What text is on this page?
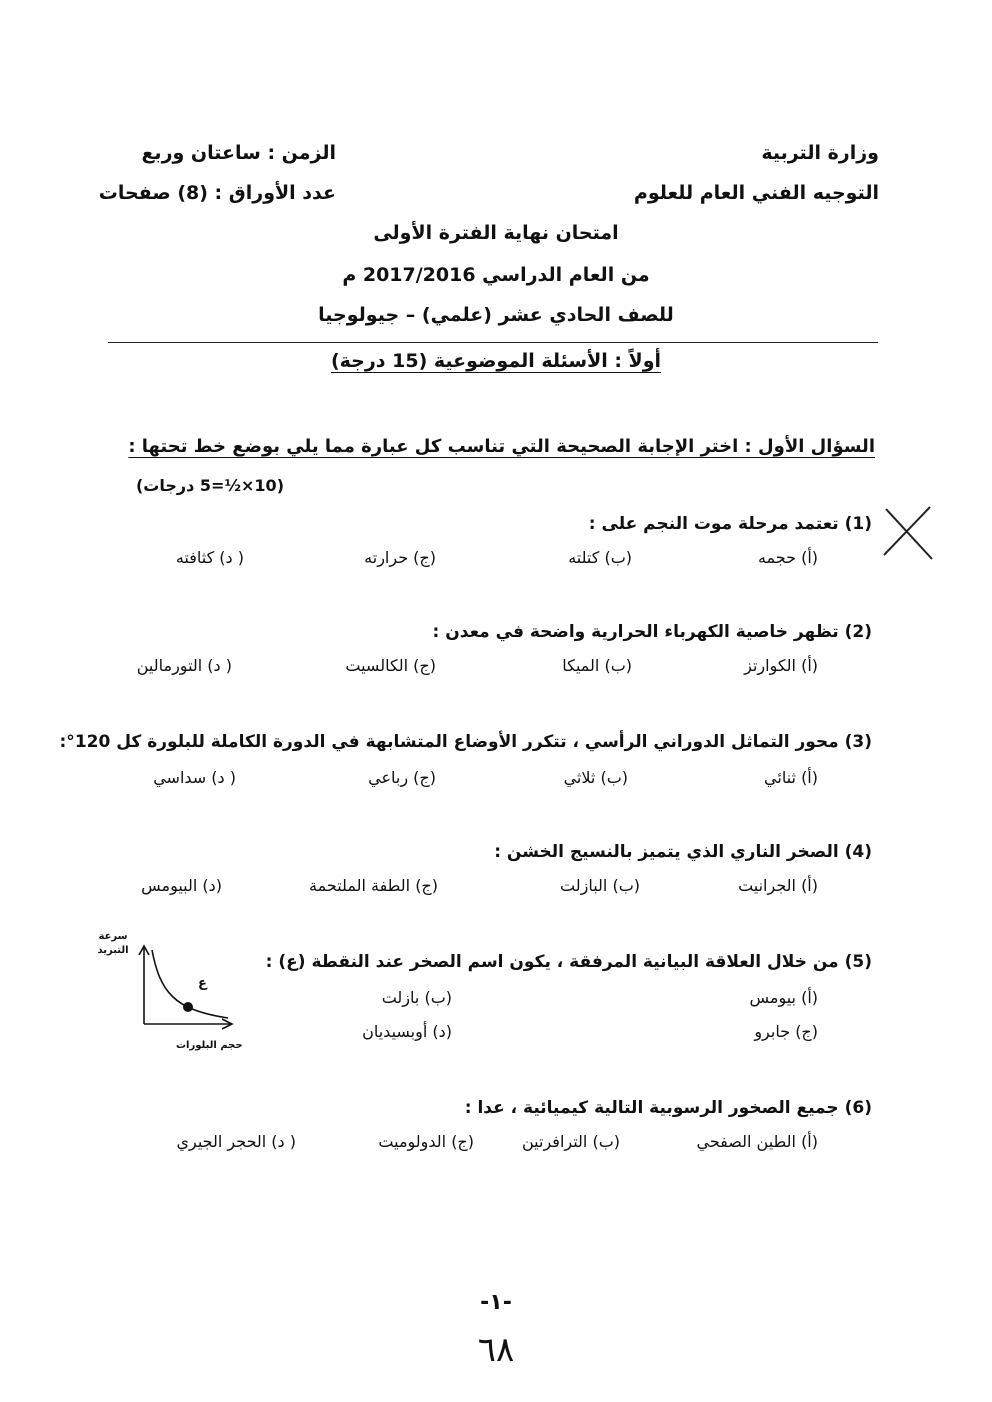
وزارة التربية
التوجيه الفني العام للعلوم
الزمن : ساعتان وربع
عدد الأوراق : (8) صفحات
امتحان نهاية الفترة الأولى
من العام الدراسي 2017/2016 م
للصف الحادي عشر (علمي) – جيولوجيا
أولاً : الأسئلة الموضوعية (15 درجة)
السؤال الأول : اختر الإجابة الصحيحة التي تناسب كل عبارة مما يلي بوضع خط تحتها :
(10×½=5 درجات)
(1) تعتمد مرحلة موت النجم على :
(أ) حجمه
(ب) كتلته
(ج) حرارته
( د) كثافته
(2) تظهر خاصية الكهرباء الحرارية واضحة في معدن :
(أ) الكوارتز
(ب) الميكا
(ج) الكالسيت
( د) التورمالين
(3) محور التماثل الدوراني الرأسي ، تتكرر الأوضاع المتشابهة في الدورة الكاملة للبلورة كل 120°:
(أ) ثنائي
(ب) ثلاثي
(ج) رباعي
( د) سداسي
(4) الصخر الناري الذي يتميز بالنسيج الخشن :
(أ) الجرانيت
(ب) البازلت
(ج) الطفة الملتحمة
(د) البيومس
(5) من خلال العلاقة البيانية المرفقة ، يكون اسم الصخر عند النقطة (ع) :
(أ) بيومس
(ب) بازلت
(ج) جابرو
(د) أوبسيديان
سرعة التبريد
ع
حجم البلورات
(6) جميع الصخور الرسوبية التالية كيميائية ، عدا :
(أ) الطين الصفحي
(ب) الترافرتين
(ج) الدولوميت
( د) الحجر الجيري
-١-
٦٨
